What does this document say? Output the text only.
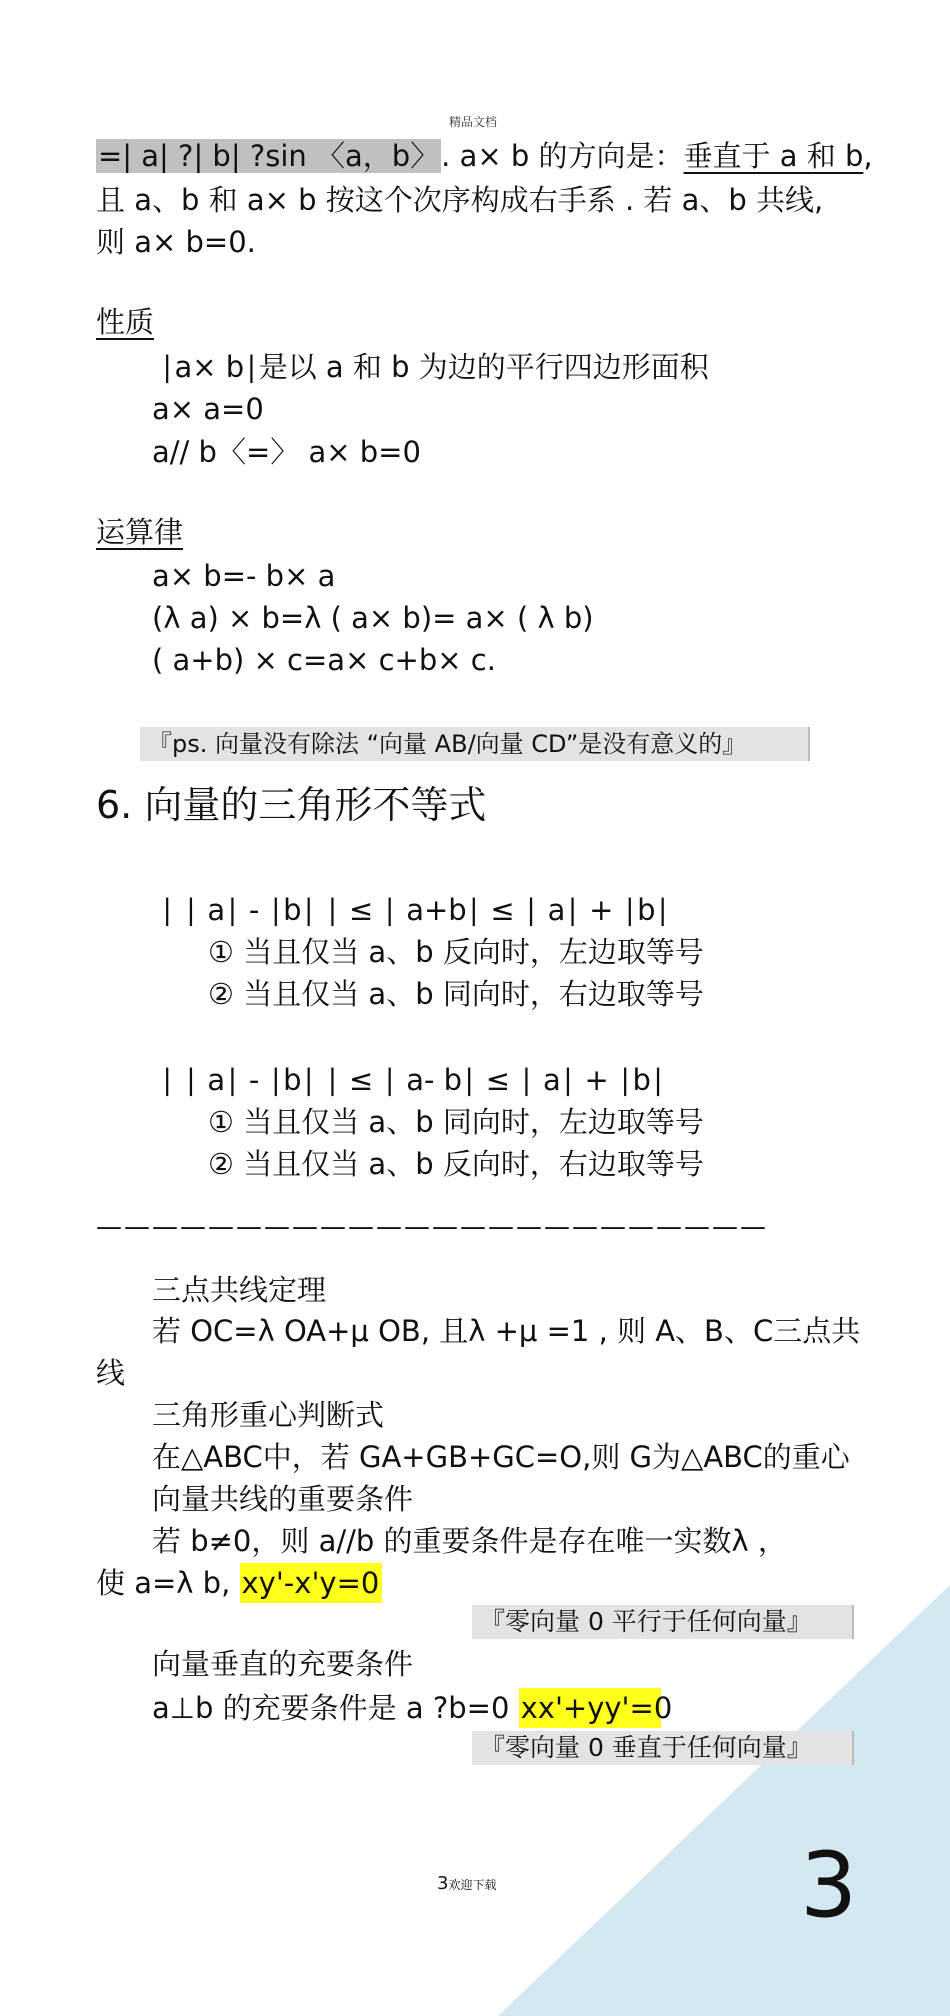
精品文档
=| a| ?| b| ?sin 〈a，b〉. a× b 的方向是：垂直于 a 和 b,
且 a、b 和 a× b 按这个次序构成右手系 . 若 a、b 共线,
则 a× b=0.
性质
∣a× b∣是以 a 和 b 为边的平行四边形面积
a× a=0
a// b〈=〉 a× b=0
运算律
a× b=- b× a
(λ a) × b=λ ( a× b)= a× ( λ b)
( a+b) × c=a× c+b× c.
『ps. 向量没有除法 “向量 AB/向量 CD”是没有意义的』
6. 向量的三角形不等式
∣ ∣ a∣ - ∣b∣ ∣ ≤ ∣ a+b∣ ≤ ∣ a∣ + ∣b∣
① 当且仅当 a、b 反向时，左边取等号
② 当且仅当 a、b 同向时，右边取等号
∣ ∣ a∣ - ∣b∣ ∣ ≤ ∣ a- b∣ ≤ ∣ a∣ + ∣b∣
① 当且仅当 a、b 同向时，左边取等号
② 当且仅当 a、b 反向时，右边取等号
————————————————————————
三点共线定理
若 OC=λ OA+μ OB, 且λ +μ =1 , 则 A、B、C三点共
线
三角形重心判断式
在△ABC中，若 GA+GB+GC=O,则 G为△ABC的重心
向量共线的重要条件
若 b≠0，则 a//b 的重要条件是存在唯一实数λ ，
使 a=λ b, xy'-x'y=0
『零向量 0 平行于任何向量』
向量垂直的充要条件
a⊥b 的充要条件是 a ?b=0 xx'+yy'=0
『零向量 0 垂直于任何向量』
3欢迎下载	3
